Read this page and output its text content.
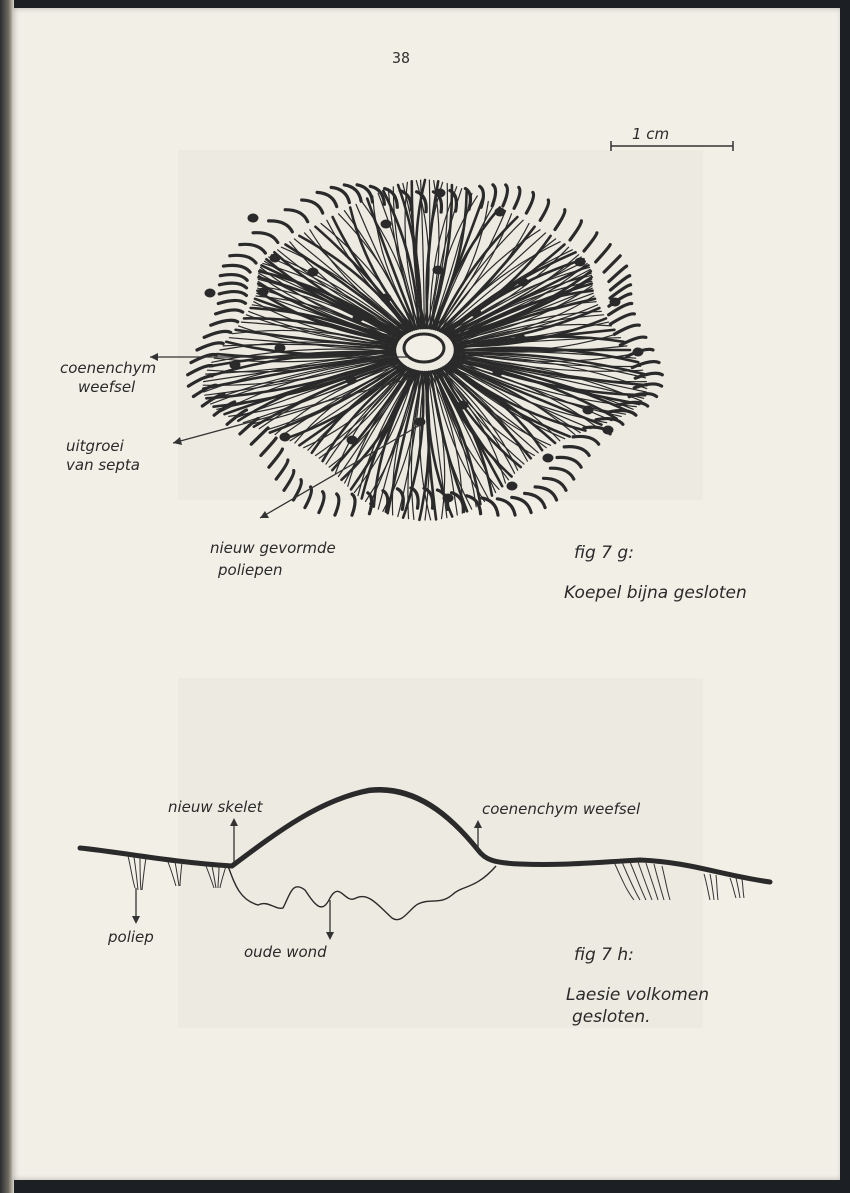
38
1 cm
coenenchym
weefsel
uitgroei
van septa
nieuw gevormde
poliepen
fig 7 g:
Koepel bijna gesloten
nieuw skelet	coenenchym weefsel
poliep
oude wond	fig 7 h:
Laesie volkomen
gesloten.
